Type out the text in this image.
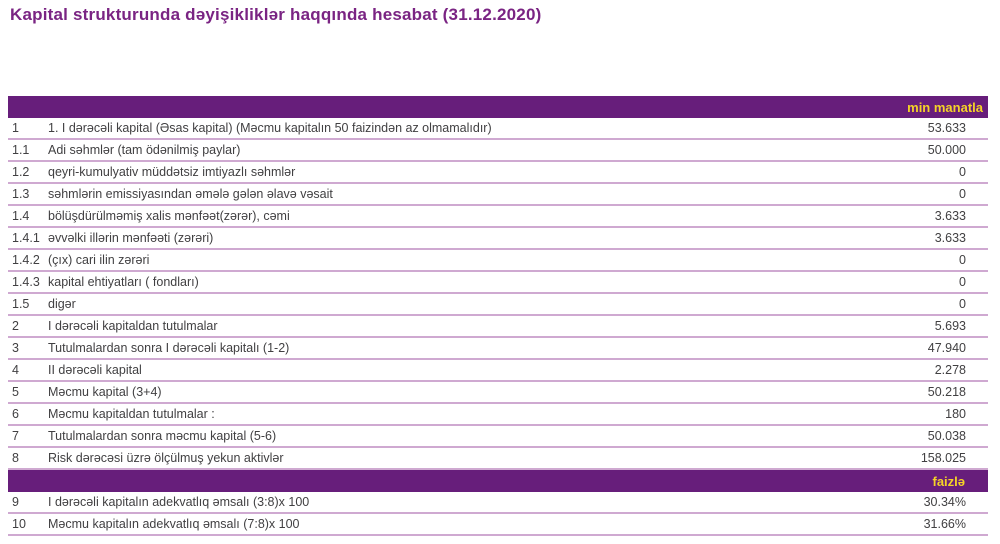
Kapital strukturunda dəyişikliklər haqqında hesabat (31.12.2020)
min manatla
1	1. I dərəcəli kapital (Əsas kapital) (Məcmu kapitalın 50 faizindən az olmamalıdır)	53.633
1.1	Adi səhmlər (tam ödənilmiş paylar)	50.000
1.2	qeyri-kumulyativ müddətsiz imtiyazlı səhmlər	0
1.3	səhmlərin emissiyasından əmələ gələn əlavə vəsait	0
1.4	bölüşdürülməmiş xalis mənfəət(zərər), cəmi	3.633
1.4.1 əvvəlki illərin mənfəəti (zərəri)	3.633
1.4.2 (çıx) cari ilin zərəri	0
1.4.3 kapital ehtiyatları ( fondları)	0
1.5	digər	0
2	I dərəcəli kapitaldan tutulmalar	5.693
3	Tutulmalardan sonra I dərəcəli kapitalı (1-2)	47.940
4	II dərəcəli kapital	2.278
5	Məcmu kapital (3+4)	50.218
6	Məcmu kapitaldan tutulmalar :	180
7	Tutulmalardan sonra məcmu kapital (5-6)	50.038
8	Risk dərəcəsi üzrə ölçülmuş yekun aktivlər	158.025
faizlə
9	I dərəcəli kapitalın adekvatlıq əmsalı (3:8)x 100	30.34%
10	Məcmu kapitalın adekvatlıq əmsalı (7:8)x 100	31.66%
